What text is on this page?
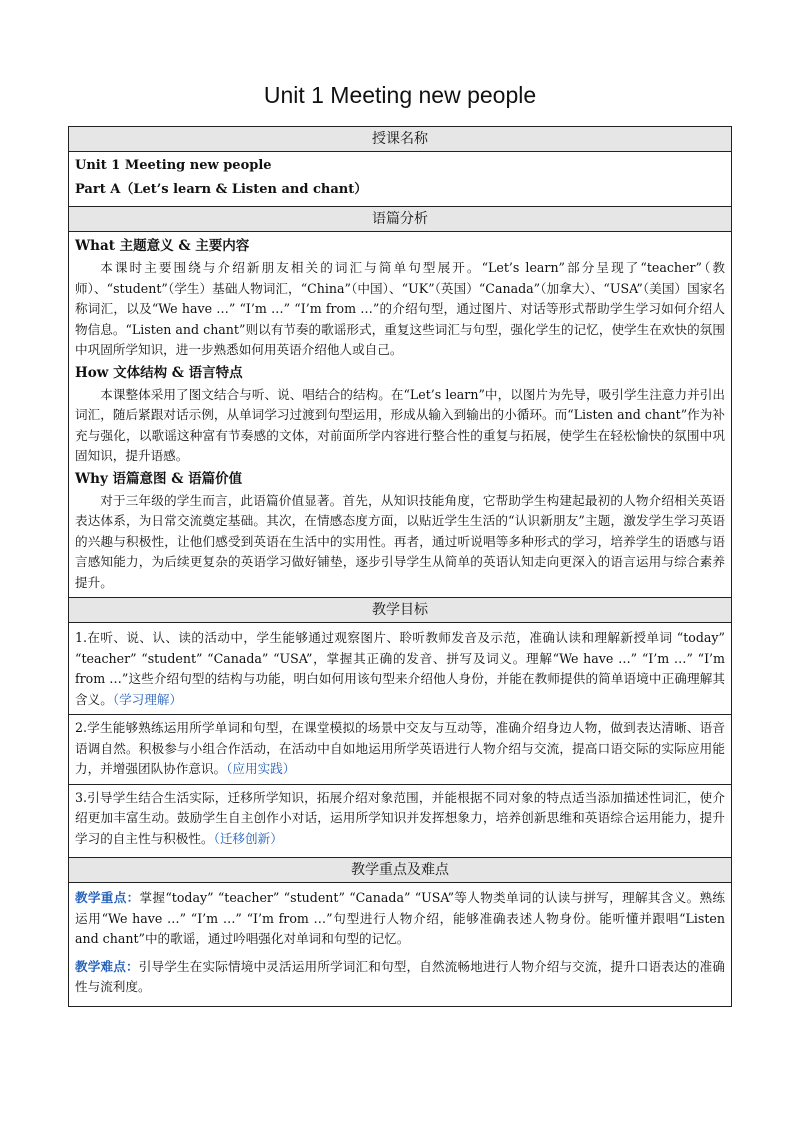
Unit 1 Meeting new people
授课名称
Unit 1 Meeting new people
Part A（Let’s learn & Listen and chant）
语篇分析
What 主题意义 & 主要内容

本课时主要围绕与介绍新朋友相关的词汇与简单句型展开。“Let’s learn”部分呈现了“teacher”（教师）、“student”（学生）基础人物词汇，“China”（中国）、“UK”（英国）“Canada”（加拿大）、“USA”（美国）国家名称词汇，以及“We have …” “I’m …” “I’m from …”的介绍句型，通过图片、对话等形式帮助学生学习如何介绍人物信息。“Listen and chant”则以有节奏的歌谣形式，重复这些词汇与句型，强化学生的记忆，使学生在欢快的氛围中巩固所学知识，进一步熟悉如何用英语介绍他人或自己。

How 文体结构 & 语言特点

本课整体采用了图文结合与听、说、唱结合的结构。在“Let’s learn”中，以图片为先导，吸引学生注意力并引出词汇，随后紧跟对话示例，从单词学习过渡到句型运用，形成从输入到输出的小循环。而“Listen and chant”作为补充与强化，以歌谣这种富有节奏感的文体，对前面所学内容进行整合性的重复与拓展，使学生在轻松愉快的氛围中巩固知识，提升语感。

Why 语篇意图 & 语篇价值

对于三年级的学生而言，此语篇价值显著。首先，从知识技能角度，它帮助学生构建起最初的人物介绍相关英语表达体系，为日常交流奠定基础。其次，在情感态度方面，以贴近学生生活的“认识新朋友”主题，激发学生学习英语的兴趣与积极性，让他们感受到英语在生活中的实用性。再者，通过听说唱等多种形式的学习，培养学生的语感与语言感知能力，为后续更复杂的英语学习做好铺垫，逐步引导学生从简单的英语认知走向更深入的语言运用与综合素养提升。

教学目标

1.在听、说、认、读的活动中，学生能够通过观察图片、聆听教师发音及示范，准确认读和理解新授单词 “today” “teacher” “student” “Canada” “USA”，掌握其正确的发音、拼写及词义。理解“We have …” “I’m …” “I’m from …”这些介绍句型的结构与功能，明白如何用该句型来介绍他人身份，并能在教师提供的简单语境中正确理解其含义。（学习理解）

2.学生能够熟练运用所学单词和句型，在课堂模拟的场景中交友与互动等，准确介绍身边人物，做到表达清晰、语音语调自然。积极参与小组合作活动，在活动中自如地运用所学英语进行人物介绍与交流，提高口语交际的实际应用能力，并增强团队协作意识。（应用实践）

3.引导学生结合生活实际，迁移所学知识，拓展介绍对象范围，并能根据不同对象的特点适当添加描述性词汇，使介绍更加丰富生动。鼓励学生自主创作小对话，运用所学知识并发挥想象力，培养创新思维和英语综合运用能力，提升学习的自主性与积极性。（迁移创新）

教学重点及难点

教学重点：掌握“today” “teacher” “student” “Canada” “USA”等人物类单词的认读与拼写，理解其含义。熟练运用“We have …” “I’m …” “I’m from …”句型进行人物介绍，能够准确表述人物身份。能听懂并跟唱“Listen and chant”中的歌谣，通过吟唱强化对单词和句型的记忆。

教学难点：引导学生在实际情境中灵活运用所学词汇和句型，自然流畅地进行人物介绍与交流，提升口语表达的准确性与流利度。
